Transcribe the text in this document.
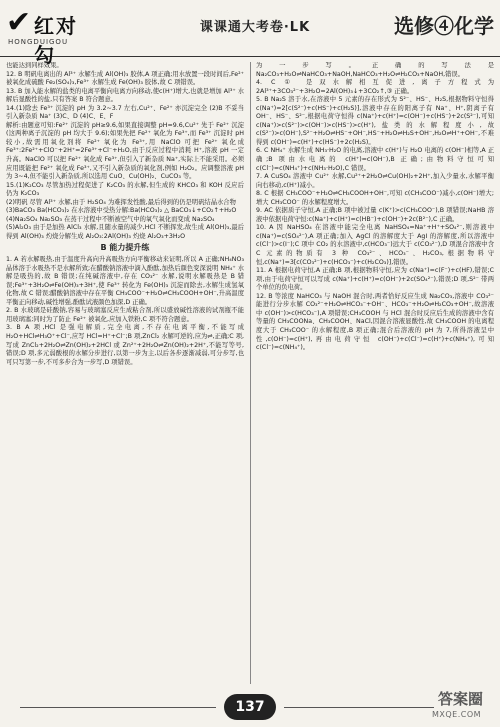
✔ 红对勾
HONGDUIGOU
课课通大考卷·LK	选修④化学

也能达到同样效果。

12. B 明矾电离出的 Al³⁺ 水解生成 Al(OH)₃ 胶体,A 项正确;用水放置一段时间后,Fe²⁺ 被氧化成硫酸 Fe₂(SO₄)₃,Fe³⁺ 水解生成 Fe(OH)₃ 胶体,故 C 项错误。

13. B 加入能水解的盐类的电离平衡向电离方向移动,使c(H⁺)增大,也就是增加 Al³⁺ 水解后显酸性的盐,只有答案 B 符合题意。

14.(1)除去 Fe³⁺ 沉淀的 pH 为 3.2~3.7 左右,Cu²⁺、Fe²⁺ 亦沉淀完全 (2)B 不妥当 引入新杂质 Na⁺ (3)C、D (4)C、E、F

解析:由题意可知:Fe²⁺ 沉淀的 pH≥9.6,如果直接调整 pH=9.6,Cu²⁺ 先于 Fe²⁺ 沉淀(这两种离子沉淀的 pH 均大于 9.6);如果先把 Fe²⁺ 氧化为 Fe³⁺,而 Fe³⁺ 沉淀时 pH 较小,故需用氧化剂将 Fe²⁺ 氧化为 Fe³⁺,用 NaClO 可把 Fe²⁺ 氧化成 Fe³⁺:2Fe²⁺+ClO⁻+2H⁺=2Fe³⁺+Cl⁻+H₂O,由于反应过程中消耗 H⁺,溶液 pH 一定升高。NaClO 可以把 Fe²⁺ 氧化成 Fe³⁺,但引入了新杂质 Na⁺,实际上不能采用。必须应用既能把 Fe²⁺ 氧化成 Fe³⁺,又不引入新杂质的氧化剂,例如 H₂O₂。应调整溶液 pH 为 3~4,但不能引入新杂质,所以选用 CuO、Cu(OH)₂、CuCO₃ 等。

15.(1)K₂CO₃ 尽管加热过程促进了 K₂CO₃ 的水解,但生成的 KHCO₃ 和 KOH 反应后仍为 K₂CO₃

(2)明矾 尽管 Al³⁺ 水解,由于 H₂SO₄ 为难挥发性酸,最后得到的仍是明矾结晶水合物

(3)BaCO₃ Ba(HCO₃)₂ 在水溶液中受热分解:Ba(HCO₃)₂ △ BaCO₃↓+CO₂↑+H₂O

(4)Na₂SO₄ Na₂SO₃ 在蒸干过程中不断被空气中的氧气氧化而变成 Na₂SO₄

(5)Al₂O₃ 由于是加热 AlCl₃ 水解,且随水量的减少,HCl 不断挥发,故生成 Al(OH)₃,最后得到 Al(OH)₃ 灼烧分解生成 Al₂O₃:2Al(OH)₃ 灼烧 Al₂O₃+3H₂O

B 能力提升练

1. A 若水解吸热,由于温度升高向升高吸热方向平衡移动来证明,所以 A 正确;NH₄NO₃ 晶体溶于水吸热不是水解所致;在醋酸钠溶液中滴入酚酞,加热后颜色变深说明 NH₄⁺ 水解是吸热的,故 B 错误;在纯碱溶液中,存在 CO₃²⁻ 水解,说明水解吸热是 B 错误;Fe³⁺+3H₂O⇌Fe(OH)₃+3H⁺,使 Fe³⁺ 转化为 Fe(OH)₃ 沉淀而除去,水解生成氢氧化物,故 C 错误;醋酸钠溶液中存在平衡 CH₃COO⁻+H₂O⇌CH₃COOH+OH⁻,升高温度平衡正向移动,碱性增强,酚酞试液颜色加深,D 正确。

2. B 水玻璃是硅酸钠,容易与玻璃塞反应生成粘合剂,所以盛放碱性溶液的试剂瓶不能用玻璃塞;同时为了防止 Fe²⁺ 被氧化,应加入铁粉,C 项不符合题意。

3. B A 项,HCl 是强电解质,完全电离,不存在电离平衡,不能写成 H₂O+HCl⇌H₃O⁺+Cl⁻,应写 HCl=H⁺+Cl⁻;B 项,ZnCl₂ 水解可逆的,应为⇌,正确;C 项,写成 ZnCl₂+2H₂O⇌Zn(OH)₂+2HCl 或 Zn²⁺+2H₂O⇌Zn(OH)₂+2H⁺,不能写等号,错误;D 项,多元弱酸根的水解分步进行,以第一步为主,以后各步逐渐减弱,可分步写,也可只写第一步,不可多步合为一步写,D 项错误。

为一步写。正确的写法是 Na₂CO₃+H₂O⇌NaHCO₃+NaOH,NaHCO₃+H₂O⇌H₂CO₃+NaOH,错误。

4. C ① 是双水解相互促进,离子方程式为 2Al³⁺+3CO₃²⁻+3H₂O=2Al(OH)₃↓+3CO₂↑,③ 正确。

5. B Na₂S 溶于水,在溶液中 5 元素的存在形式为 S²⁻、HS⁻、H₂S,根据物料守恒得 c(Na⁺)=2[c(S²⁻)+c(HS⁻)+c(H₂S)],溶液中存在的阳离子有 Na⁺、H⁺,阴离子有 OH⁻、HS⁻、S²⁻,根据电荷守恒得 c(Na⁺)+c(H⁺)=c(OH⁻)+c(HS⁻)+2c(S²⁻),可知 c(Na⁺)>c(S²⁻)>c(OH⁻)>c(HS⁻)>c(H⁺),盐类的水解程度小,故 c(S²⁻)>c(OH⁻),S²⁻+H₂O⇌HS⁻+OH⁻,HS⁻+H₂O⇌H₂S+OH⁻,H₂O⇌H⁺+OH⁻,不难得到 c(OH⁻)=c(H⁺)+c(HS⁻)+2c(H₂S)。

6. C NH₄⁺ 水解生成 NH₃·H₂O 的电离,溶液中 c(H⁺)与 H₂O 电离的 c(OH⁻)相等,A 正确;B 项由水电离的 c(H⁺)=c(OH⁻),B 正确;由物料守恒可知 c(Cl⁻)=c(NH₄⁺)+c(NH₃·H₂O),C 错误。

7. A CuSO₄ 溶液中 Cu²⁺ 水解,Cu²⁺+2H₂O⇌Cu(OH)₂+2H⁺,加入少量水,水解平衡向右移动,c(H⁺)减小。

8. C 根据 CH₃COO⁻+H₂O⇌CH₃COOH+OH⁻,可知 c(CH₃COO⁻)减小,c(OH⁻)增大;增大 CH₃COO⁻ 的水解程度增大。

9. AC 依据质子守恒,A 正确;B 项中被过量 c(K⁺)>c(CH₃COO⁻),B 项错误;NaHB 溶液中依据电荷守恒:c(Na⁺)+c(H⁺)=c(HB⁻)+c(OH⁻)+2c(B²⁻),C 正确。

10. A 因 NaHSO₄ 在溶液中能完全电离 NaHSO₄=Na⁺+H⁺+SO₄²⁻,则溶液中 c(Na⁺)=c(SO₄²⁻),A 项正确;加入 AgCl 的溶解度大于 AgI 的溶解度,所以溶液中 c(Cl⁻)>c(I⁻);C 项中 CO₂ 的水溶液中,c(HCO₃⁻)远大于 c(CO₃²⁻),D 项混合溶液中含 C 元素的物质有 3 种 CO₃²⁻、HCO₃⁻、H₂CO₃,根据物料守恒,c(Na⁺)=3[c(CO₃²⁻)+c(HCO₃⁻)+c(H₂CO₃)],错误。

11. A 根据电荷守恒,A 正确;B 项,根据物料守恒,应为 c(Na⁺)=c(F⁻)+c(HF),错误;C 项,由于电荷守恒可以写成 c(Na⁺)+c(H⁺)=c(OH⁻)+2c(SO₄²⁻),错误;D 项,S²⁻ 带两个单位的负电荷。

12. B 等浓度 NaHCO₃ 与 NaOH 混合时,两者恰好反应生成 Na₂CO₃,溶液中 CO₃²⁻ 能进行分步水解 CO₃²⁻+H₂O⇌HCO₃⁻+OH⁻、HCO₃⁻+H₂O⇌H₂CO₃+OH⁻,故溶液中 c(OH⁻)>c(HCO₃⁻),A 项错误;CH₃COOH 与 HCl 混合时反应后生成的溶液中含有等量的 CH₃COONa、CH₃COOH、NaCl,因混合溶液显酸性,故 CH₃COOH 的电离程度大于 CH₃COO⁻ 的水解程度,B 项正确;混合后溶液的 pH 为 7,所得溶液呈中性,c(OH⁻)=c(H⁺),再由电荷守恒 c(OH⁻)+c(Cl⁻)=c(H⁺)+c(NH₄⁺),可知 c(Cl⁻)=c(NH₄⁺)。

137	答案圈
MXQE.COM
